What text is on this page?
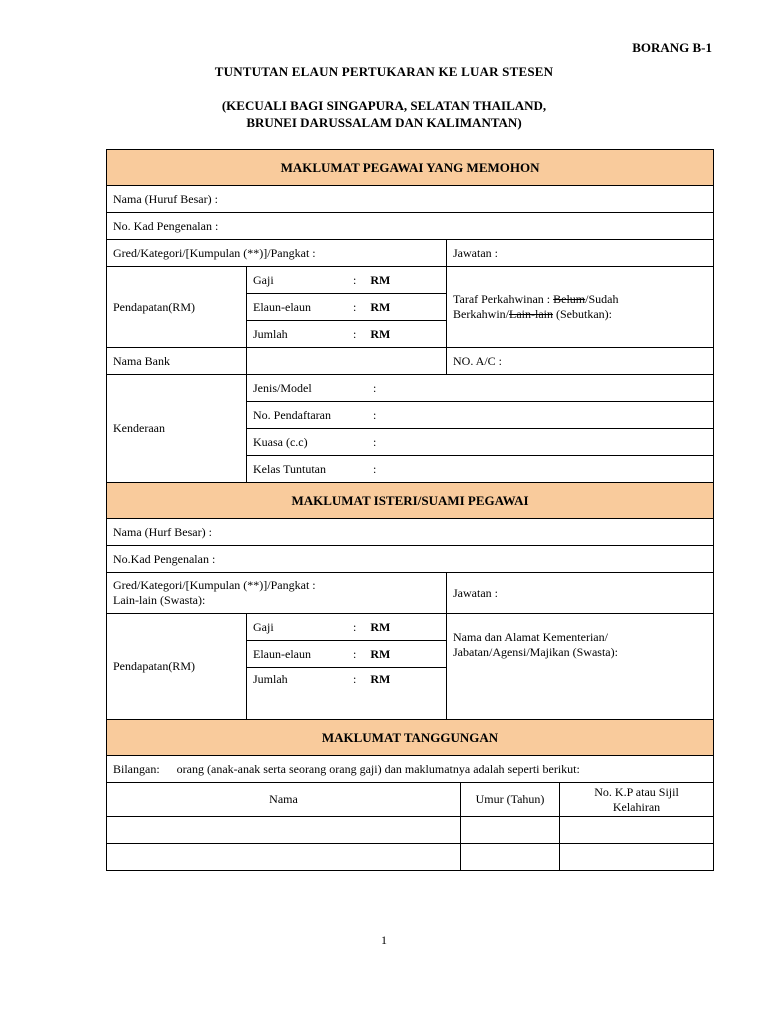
BORANG B-1
TUNTUTAN ELAUN PERTUKARAN KE LUAR STESEN
(KECUALI BAGI SINGAPURA, SELATAN THAILAND,
BRUNEI DARUSSALAM DAN KALIMANTAN)
MAKLUMAT PEGAWAI YANG MEMOHON				
Nama (Huruf Besar) :				
No. Kad Pengenalan :				
Gred/Kategori/[Kumpulan (**)]/Pangkat :		Jawatan :		
Pendapatan(RM)	Gaji : RM	Taraf Perkahwinan : Belum/Sudah
Berkahwin/Lain-lain (Sebutkan):		
	Elaun-elaun : RM			
	Jumlah : RM			
Nama Bank		NO. A/C :		
Kenderaan	Jenis/Model :			
	No. Pendaftaran :			
	Kuasa (c.c) :			
	Kelas Tuntutan :			
MAKLUMAT ISTERI/SUAMI PEGAWAI				
Nama (Hurf Besar) :				
No.Kad Pengenalan :				
Gred/Kategori/[Kumpulan (**)]/Pangkat :
Lain-lain (Swasta):		Jawatan :		
Pendapatan(RM)	Gaji : RM	Nama dan Alamat Kementerian/
Jabatan/Agensi/Majikan (Swasta):		
	Elaun-elaun : RM			
	Jumlah : RM			
MAKLUMAT TANGGUNGAN				
Bilangan: orang (anak-anak serta seorang orang gaji) dan maklumatnya adalah seperti berikut:				
Nama			Umur (Tahun)	No. K.P atau Sijil
Kelahiran

1
